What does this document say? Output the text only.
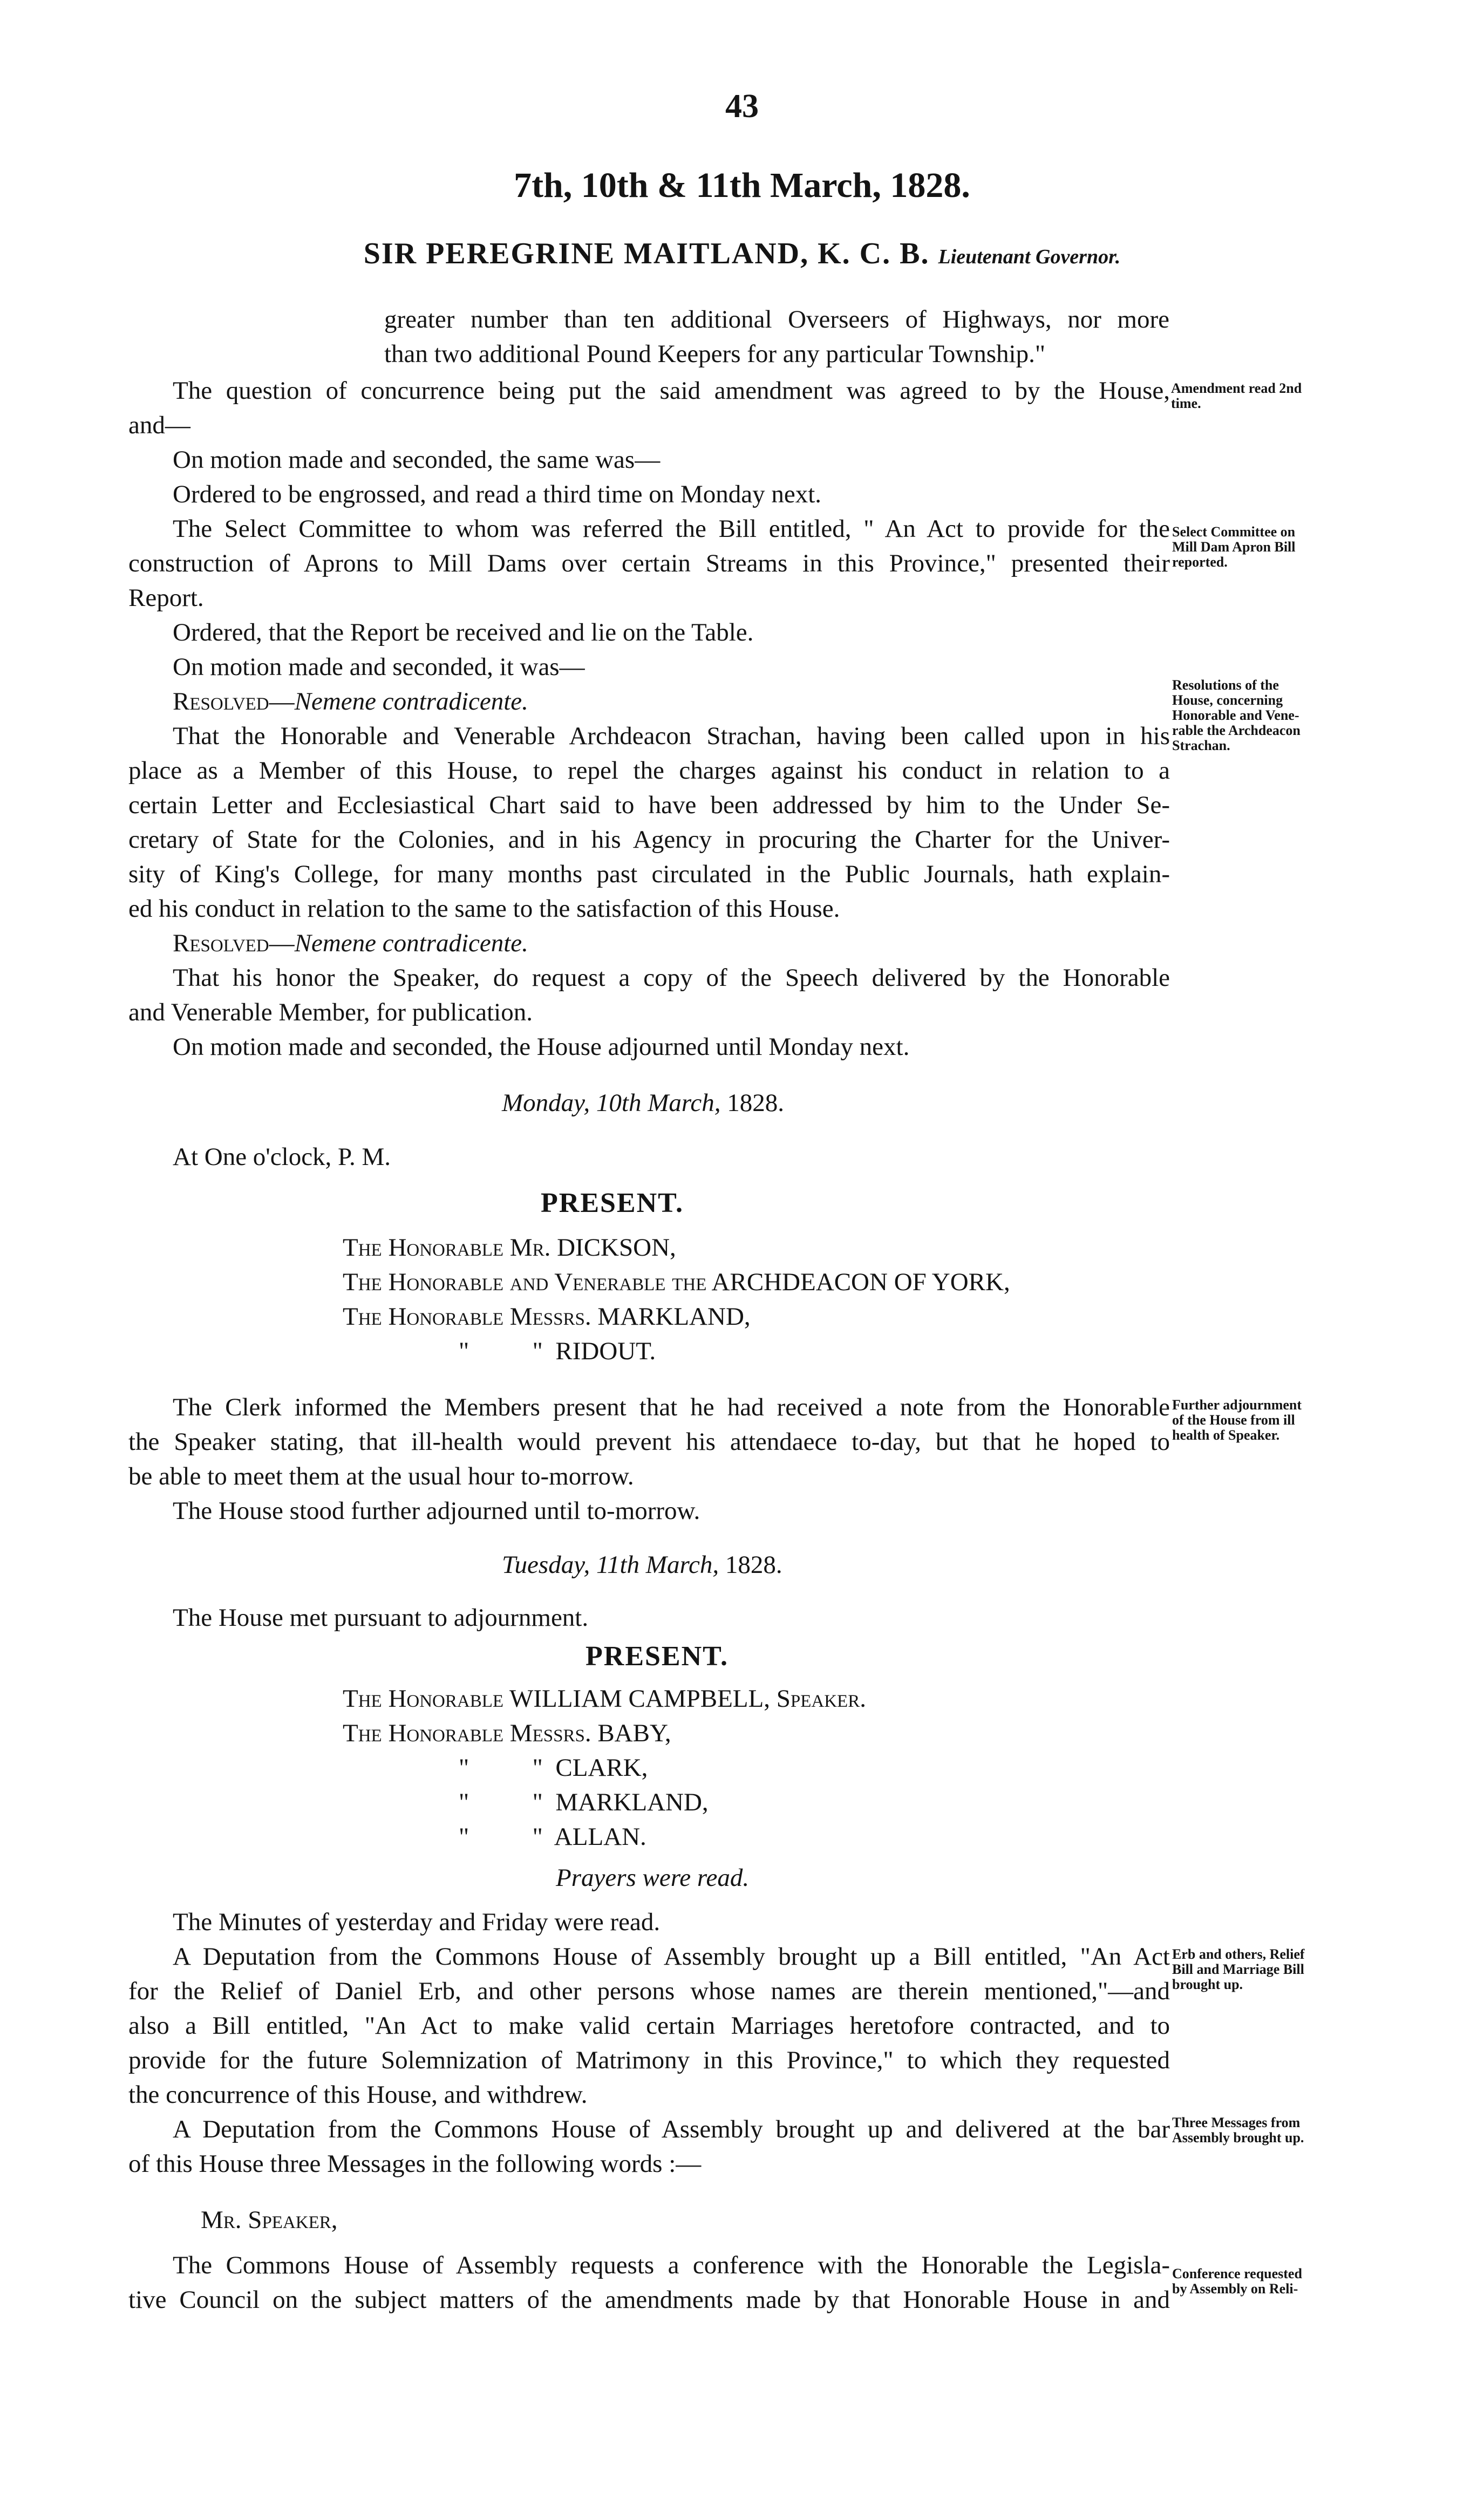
43
7th, 10th & 11th March, 1828.
SIR PEREGRINE MAITLAND, K. C. B. Lieutenant Governor.
greater number than ten additional Overseers of Highways, nor more
than two additional Pound Keepers for any particular Township."
The question of concurrence being put the said amendment was agreed to by the House,
and—
On motion made and seconded, the same was—
Ordered to be engrossed, and read a third time on Monday next.
The Select Committee to whom was referred the Bill entitled, " An Act to provide for the
construction of Aprons to Mill Dams over certain Streams in this Province," presented their
Report.
Ordered, that the Report be received and lie on the Table.
On motion made and seconded, it was—
Resolved—Nemene contradicente.
That the Honorable and Venerable Archdeacon Strachan, having been called upon in his
place as a Member of this House, to repel the charges against his conduct in relation to a
certain Letter and Ecclesiastical Chart said to have been addressed by him to the Under Se-
cretary of State for the Colonies, and in his Agency in procuring the Charter for the Univer-
sity of King's College, for many months past circulated in the Public Journals, hath explain-
ed his conduct in relation to the same to the satisfaction of this House.
Resolved—Nemene contradicente.
That his honor the Speaker, do request a copy of the Speech delivered by the Honorable
and Venerable Member, for publication.
On motion made and seconded, the House adjourned until Monday next.
Monday, 10th March, 1828.
At One o'clock, P. M.
PRESENT.
The Honorable Mr. DICKSON,
The Honorable and Venerable the ARCHDEACON OF YORK,
The Honorable Messrs. MARKLAND,
"          " RIDOUT.
The Clerk informed the Members present that he had received a note from the Honorable
the Speaker stating, that ill-health would prevent his attendaece to-day, but that he hoped to
be able to meet them at the usual hour to-morrow.
The House stood further adjourned until to-morrow.
Tuesday, 11th March, 1828.
The House met pursuant to adjournment.
PRESENT.
The Honorable WILLIAM CAMPBELL, Speaker.
The Honorable Messrs. BABY,
"          " CLARK,
"          " MARKLAND,
"          " ALLAN.
Prayers were read.
The Minutes of yesterday and Friday were read.
A Deputation from the Commons House of Assembly brought up a Bill entitled, "An Act
for the Relief of Daniel Erb, and other persons whose names are therein mentioned,"—and
also a Bill entitled, "An Act to make valid certain Marriages heretofore contracted, and to
provide for the future Solemnization of Matrimony in this Province," to which they requested
the concurrence of this House, and withdrew.
A Deputation from the Commons House of Assembly brought up and delivered at the bar
of this House three Messages in the following words :—
Mr. Speaker,
The Commons House of Assembly requests a conference with the Honorable the Legisla-
tive Council on the subject matters of the amendments made by that Honorable House in and
Amendment read 2nd
time.
Select Committee on
Mill Dam Apron Bill
reported.
Resolutions of the
House, concerning
Honorable and Vene-
rable the Archdeacon
Strachan.
Further adjournment
of the House from ill
health of Speaker.
Erb and others, Relief
Bill and Marriage Bill
brought up.
Three Messages from
Assembly brought up.
Conference requested
by Assembly on Reli-
